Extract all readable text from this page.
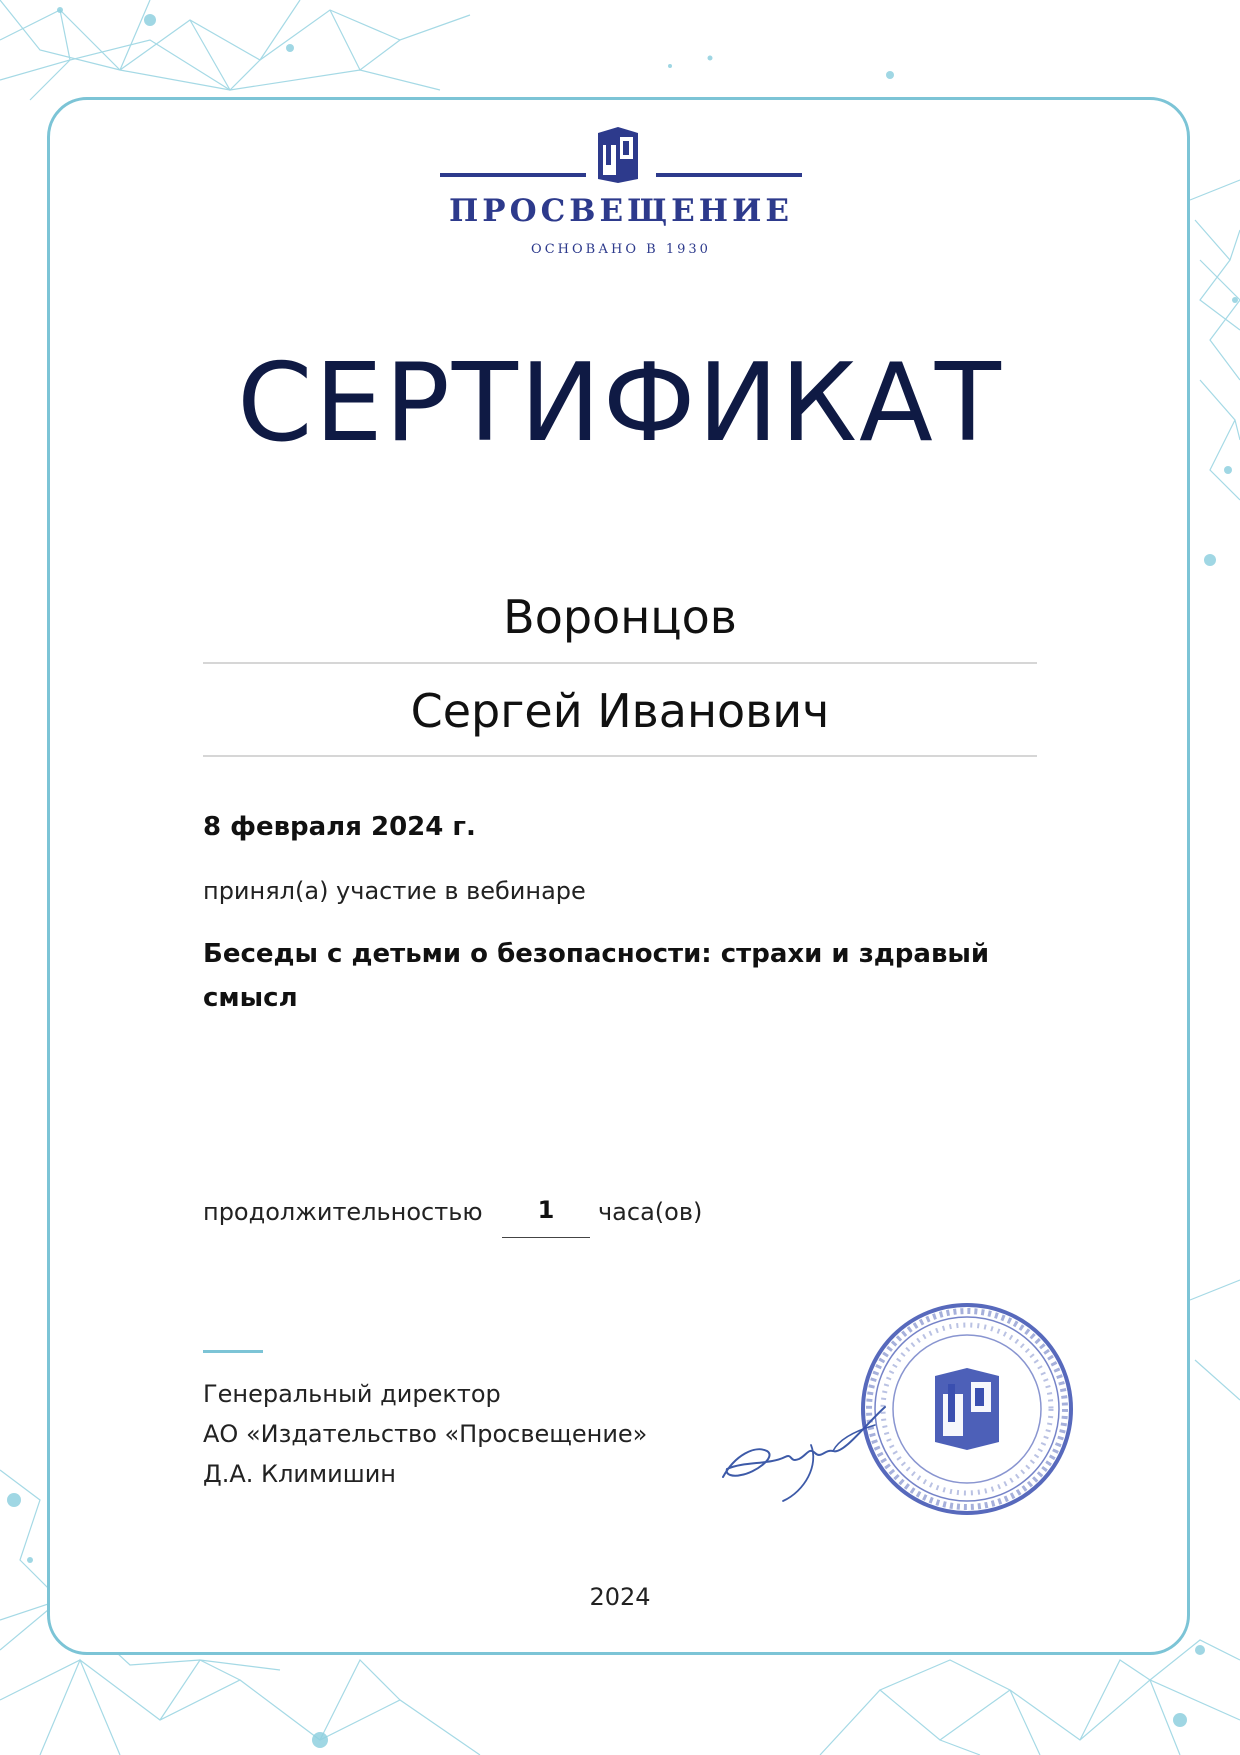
ПРОСВЕЩЕНИЕ
ОСНОВАНО В 1930
СЕРТИФИКАТ
Воронцов
Сергей Иванович
8 февраля 2024 г.
принял(а) участие в вебинаре
Беседы с детьми о безопасности: страхи и здравый смысл
продолжительностью	1	часа(ов)
Генеральный директор
АО «Издательство «Просвещение»
Д.А. Климишин
2024
